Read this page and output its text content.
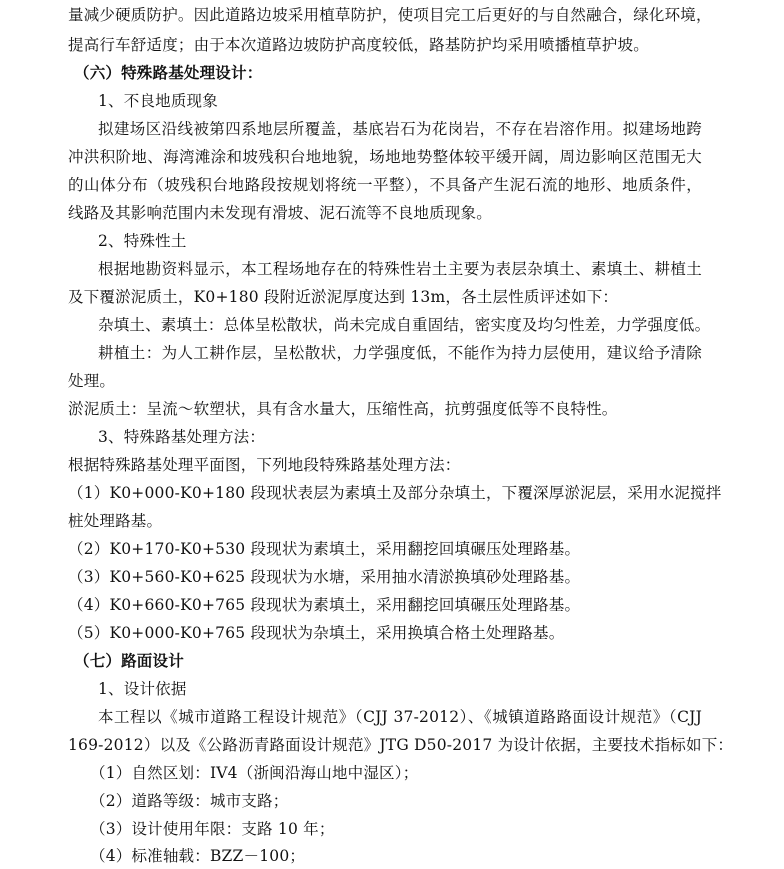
量减少硬质防护。因此道路边坡采用植草防护，使项目完工后更好的与自然融合，绿化环境，
提高行车舒适度；由于本次道路边坡防护高度较低，路基防护均采用喷播植草护坡。
（六）特殊路基处理设计：
1、不良地质现象
拟建场区沿线被第四系地层所覆盖，基底岩石为花岗岩，不存在岩溶作用。拟建场地跨
冲洪积阶地、海湾滩涂和坡残积台地地貌，场地地势整体较平缓开阔，周边影响区范围无大
的山体分布（坡残积台地路段按规划将统一平整），不具备产生泥石流的地形、地质条件，
线路及其影响范围内未发现有滑坡、泥石流等不良地质现象。
2、特殊性土
根据地勘资料显示，本工程场地存在的特殊性岩土主要为表层杂填土、素填土、耕植土
及下覆淤泥质土，K0+180 段附近淤泥厚度达到 13m，各土层性质评述如下：
杂填土、素填土：总体呈松散状，尚未完成自重固结，密实度及均匀性差，力学强度低。
耕植土：为人工耕作层，呈松散状，力学强度低，不能作为持力层使用，建议给予清除
处理。
淤泥质土：呈流～软塑状，具有含水量大，压缩性高，抗剪强度低等不良特性。
3、特殊路基处理方法：
根据特殊路基处理平面图，下列地段特殊路基处理方法：
（1）K0+000-K0+180 段现状表层为素填土及部分杂填土，下覆深厚淤泥层，采用水泥搅拌
桩处理路基。
（2）K0+170-K0+530 段现状为素填土，采用翻挖回填碾压处理路基。
（3）K0+560-K0+625 段现状为水塘，采用抽水清淤换填砂处理路基。
（4）K0+660-K0+765 段现状为素填土，采用翻挖回填碾压处理路基。
（5）K0+000-K0+765 段现状为杂填土，采用换填合格土处理路基。
（七）路面设计
1、设计依据
本工程以《城市道路工程设计规范》（CJJ 37-2012）、《城镇道路路面设计规范》（CJJ
169-2012）以及《公路沥青路面设计规范》JTG D50-2017 为设计依据，主要技术指标如下：
（1）自然区划：IV4（浙闽沿海山地中湿区）；
（2）道路等级：城市支路；
（3）设计使用年限：支路 10 年；
（4）标准轴载：BZZ－100；
